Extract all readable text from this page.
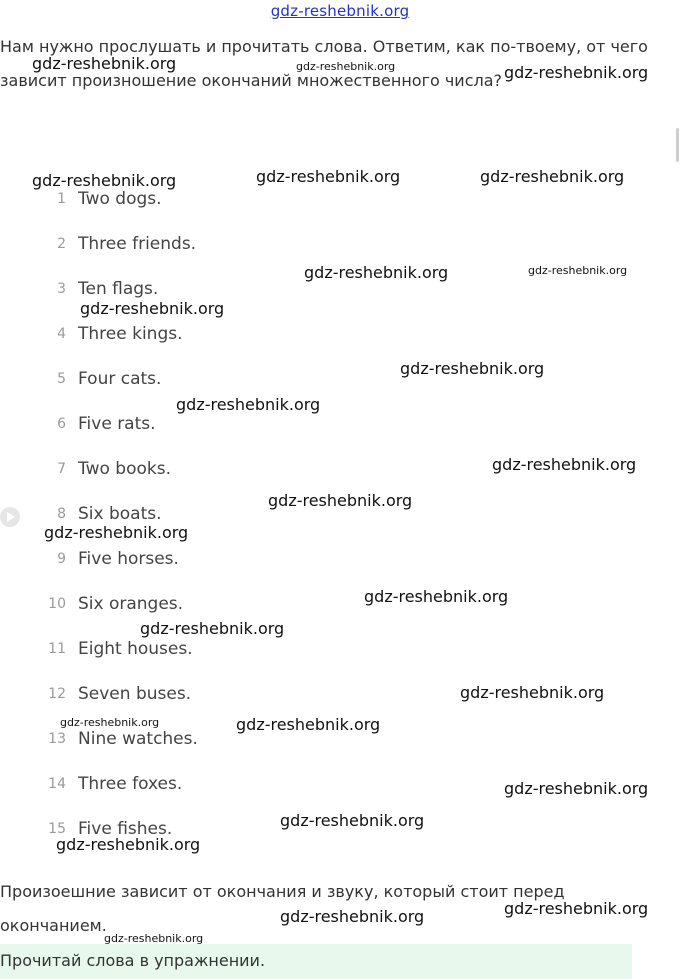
gdz-reshebnik.org
Нам нужно прослушать и прочитать слова. Ответим, как по-твоему, от чего зависит произношение окончаний множественного числа?
1 Two dogs.
2 Three friends.
3 Ten flags.
4 Three kings.
5 Four cats.
6 Five rats.
7 Two books.
8 Six boats.
9 Five horses.
10 Six oranges.
11 Eight houses.
12 Seven buses.
13 Nine watches.
14 Three foxes.
15 Five fishes.
Произоешние зависит от окончания и звуку, который стоит перед окончанием.
Прочитай слова в упражнении.
gdz-reshebnik.org	gdz-reshebnik.org	gdz-reshebnik.org
gdz-reshebnik.org	gdz-reshebnik.org	gdz-reshebnik.org
gdz-reshebnik.org	gdz-reshebnik.org
gdz-reshebnik.org
gdz-reshebnik.org
gdz-reshebnik.org
gdz-reshebnik.org
gdz-reshebnik.org
gdz-reshebnik.org
gdz-reshebnik.org
gdz-reshebnik.org
gdz-reshebnik.org
gdz-reshebnik.org	gdz-reshebnik.org
gdz-reshebnik.org
gdz-reshebnik.org
gdz-reshebnik.org
gdz-reshebnik.org
gdz-reshebnik.org
gdz-reshebnik.org
